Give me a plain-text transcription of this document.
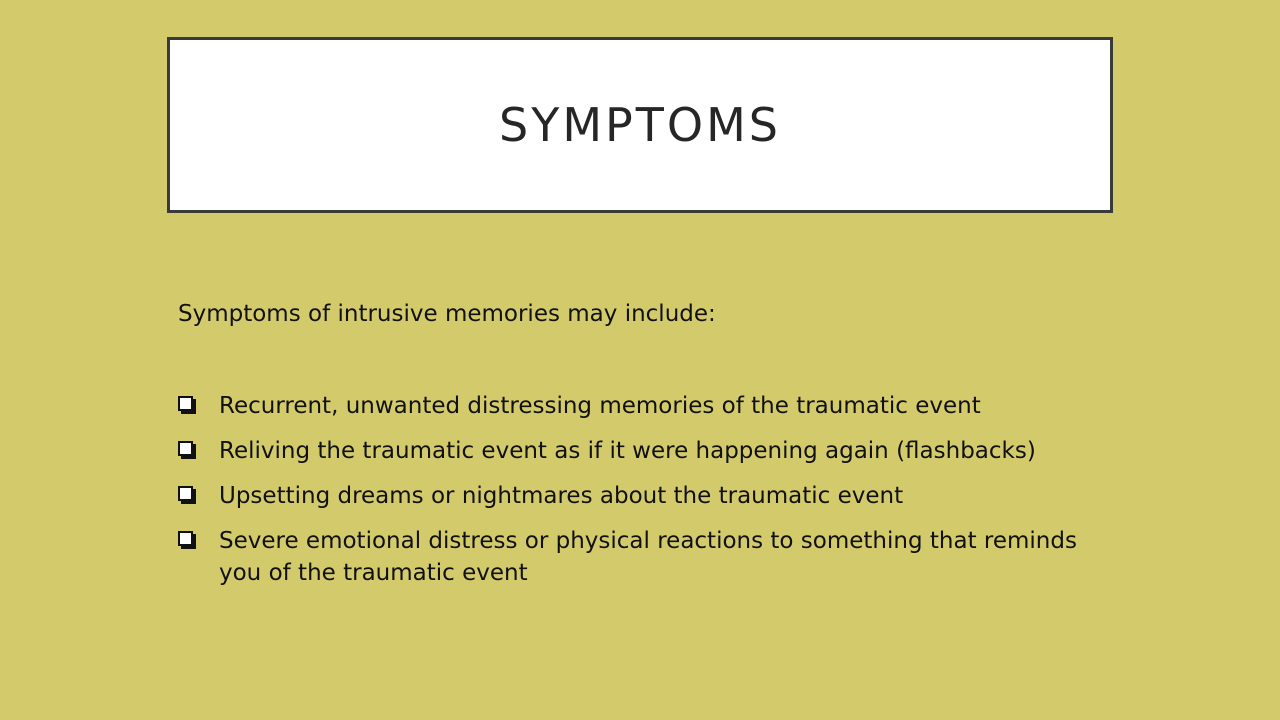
SYMPTOMS

Symptoms of intrusive memories may include:

Recurrent, unwanted distressing memories of the traumatic event
Reliving the traumatic event as if it were happening again (flashbacks)
Upsetting dreams or nightmares about the traumatic event
Severe emotional distress or physical reactions to something that reminds you of the traumatic event
